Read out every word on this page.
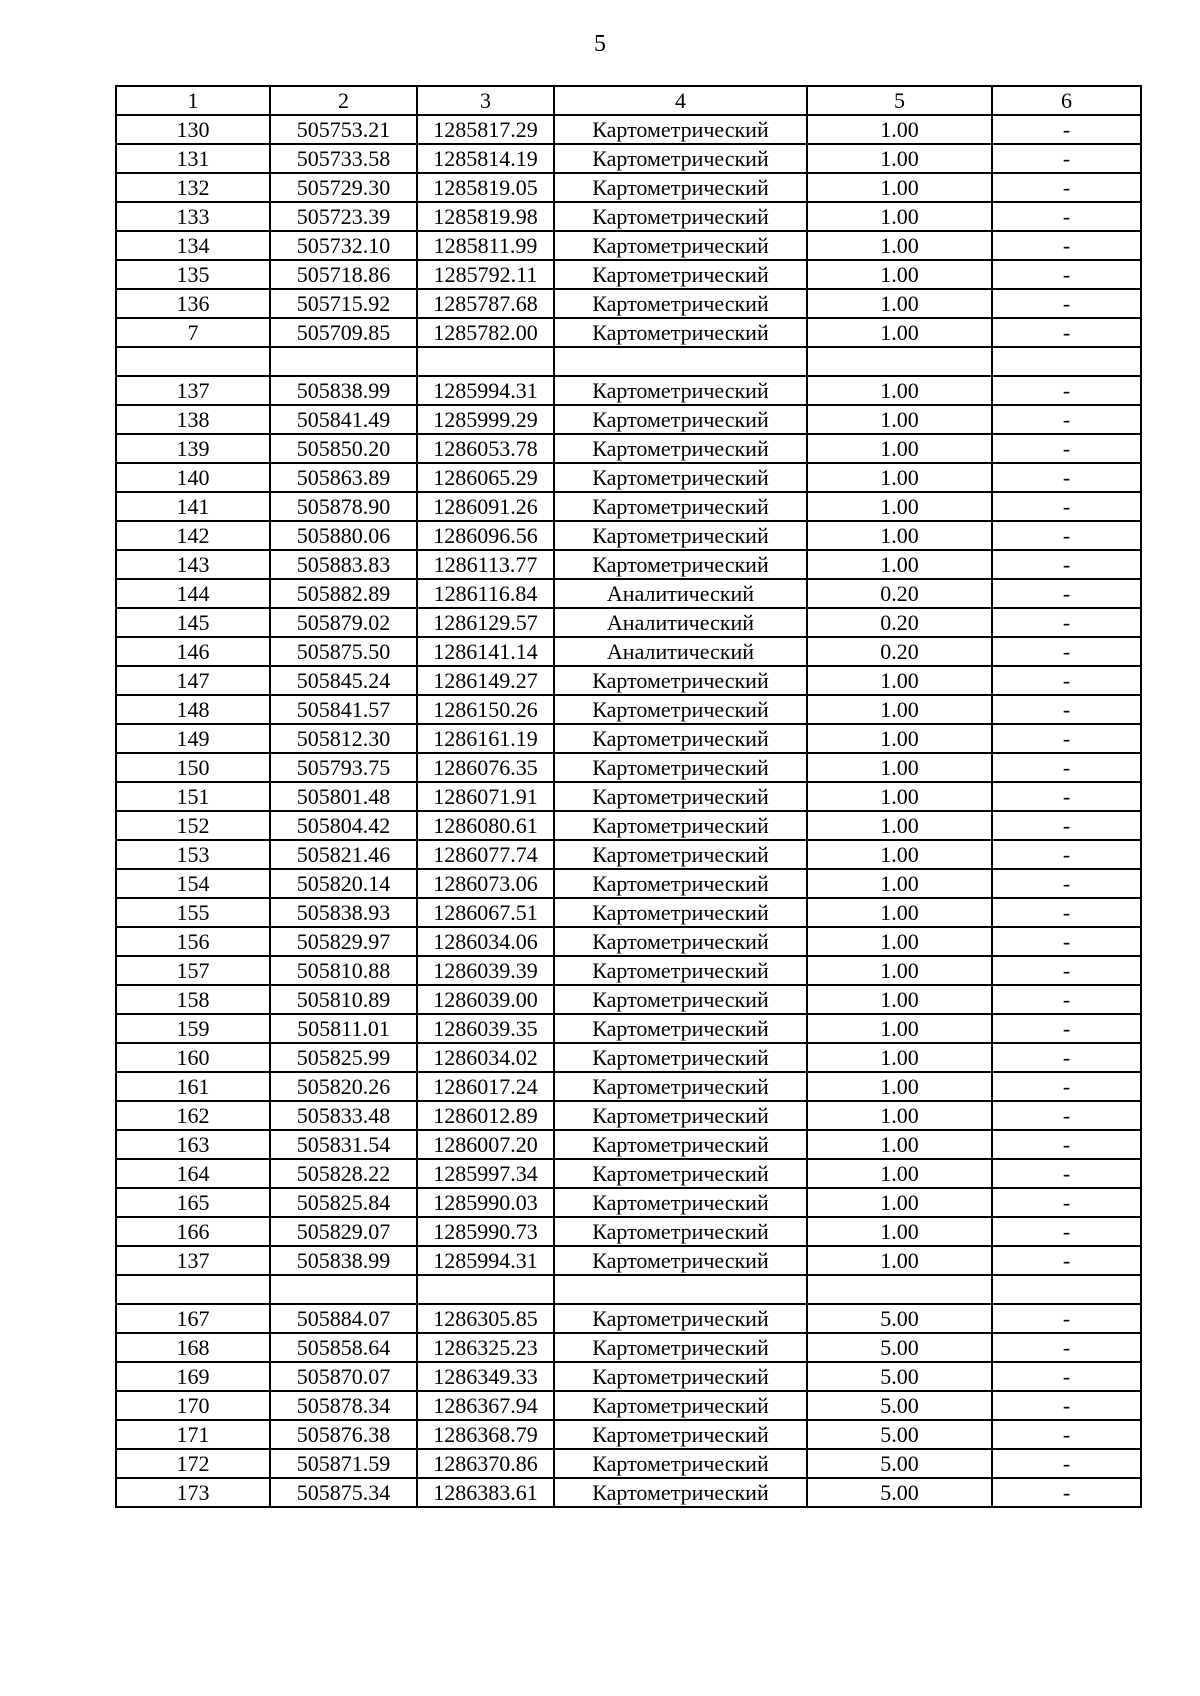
5
1	2	3	4	5	6
130	505753.21	1285817.29	Картометрический	1.00	-
131	505733.58	1285814.19	Картометрический	1.00	-
132	505729.30	1285819.05	Картометрический	1.00	-
133	505723.39	1285819.98	Картометрический	1.00	-
134	505732.10	1285811.99	Картометрический	1.00	-
135	505718.86	1285792.11	Картометрический	1.00	-
136	505715.92	1285787.68	Картометрический	1.00	-
7	505709.85	1285782.00	Картометрический	1.00	-

137	505838.99	1285994.31	Картометрический	1.00	-
138	505841.49	1285999.29	Картометрический	1.00	-
139	505850.20	1286053.78	Картометрический	1.00	-
140	505863.89	1286065.29	Картометрический	1.00	-
141	505878.90	1286091.26	Картометрический	1.00	-
142	505880.06	1286096.56	Картометрический	1.00	-
143	505883.83	1286113.77	Картометрический	1.00	-
144	505882.89	1286116.84	Аналитический	0.20	-
145	505879.02	1286129.57	Аналитический	0.20	-
146	505875.50	1286141.14	Аналитический	0.20	-
147	505845.24	1286149.27	Картометрический	1.00	-
148	505841.57	1286150.26	Картометрический	1.00	-
149	505812.30	1286161.19	Картометрический	1.00	-
150	505793.75	1286076.35	Картометрический	1.00	-
151	505801.48	1286071.91	Картометрический	1.00	-
152	505804.42	1286080.61	Картометрический	1.00	-
153	505821.46	1286077.74	Картометрический	1.00	-
154	505820.14	1286073.06	Картометрический	1.00	-
155	505838.93	1286067.51	Картометрический	1.00	-
156	505829.97	1286034.06	Картометрический	1.00	-
157	505810.88	1286039.39	Картометрический	1.00	-
158	505810.89	1286039.00	Картометрический	1.00	-
159	505811.01	1286039.35	Картометрический	1.00	-
160	505825.99	1286034.02	Картометрический	1.00	-
161	505820.26	1286017.24	Картометрический	1.00	-
162	505833.48	1286012.89	Картометрический	1.00	-
163	505831.54	1286007.20	Картометрический	1.00	-
164	505828.22	1285997.34	Картометрический	1.00	-
165	505825.84	1285990.03	Картометрический	1.00	-
166	505829.07	1285990.73	Картометрический	1.00	-
137	505838.99	1285994.31	Картометрический	1.00	-

167	505884.07	1286305.85	Картометрический	5.00	-
168	505858.64	1286325.23	Картометрический	5.00	-
169	505870.07	1286349.33	Картометрический	5.00	-
170	505878.34	1286367.94	Картометрический	5.00	-
171	505876.38	1286368.79	Картометрический	5.00	-
172	505871.59	1286370.86	Картометрический	5.00	-
173	505875.34	1286383.61	Картометрический	5.00	-
